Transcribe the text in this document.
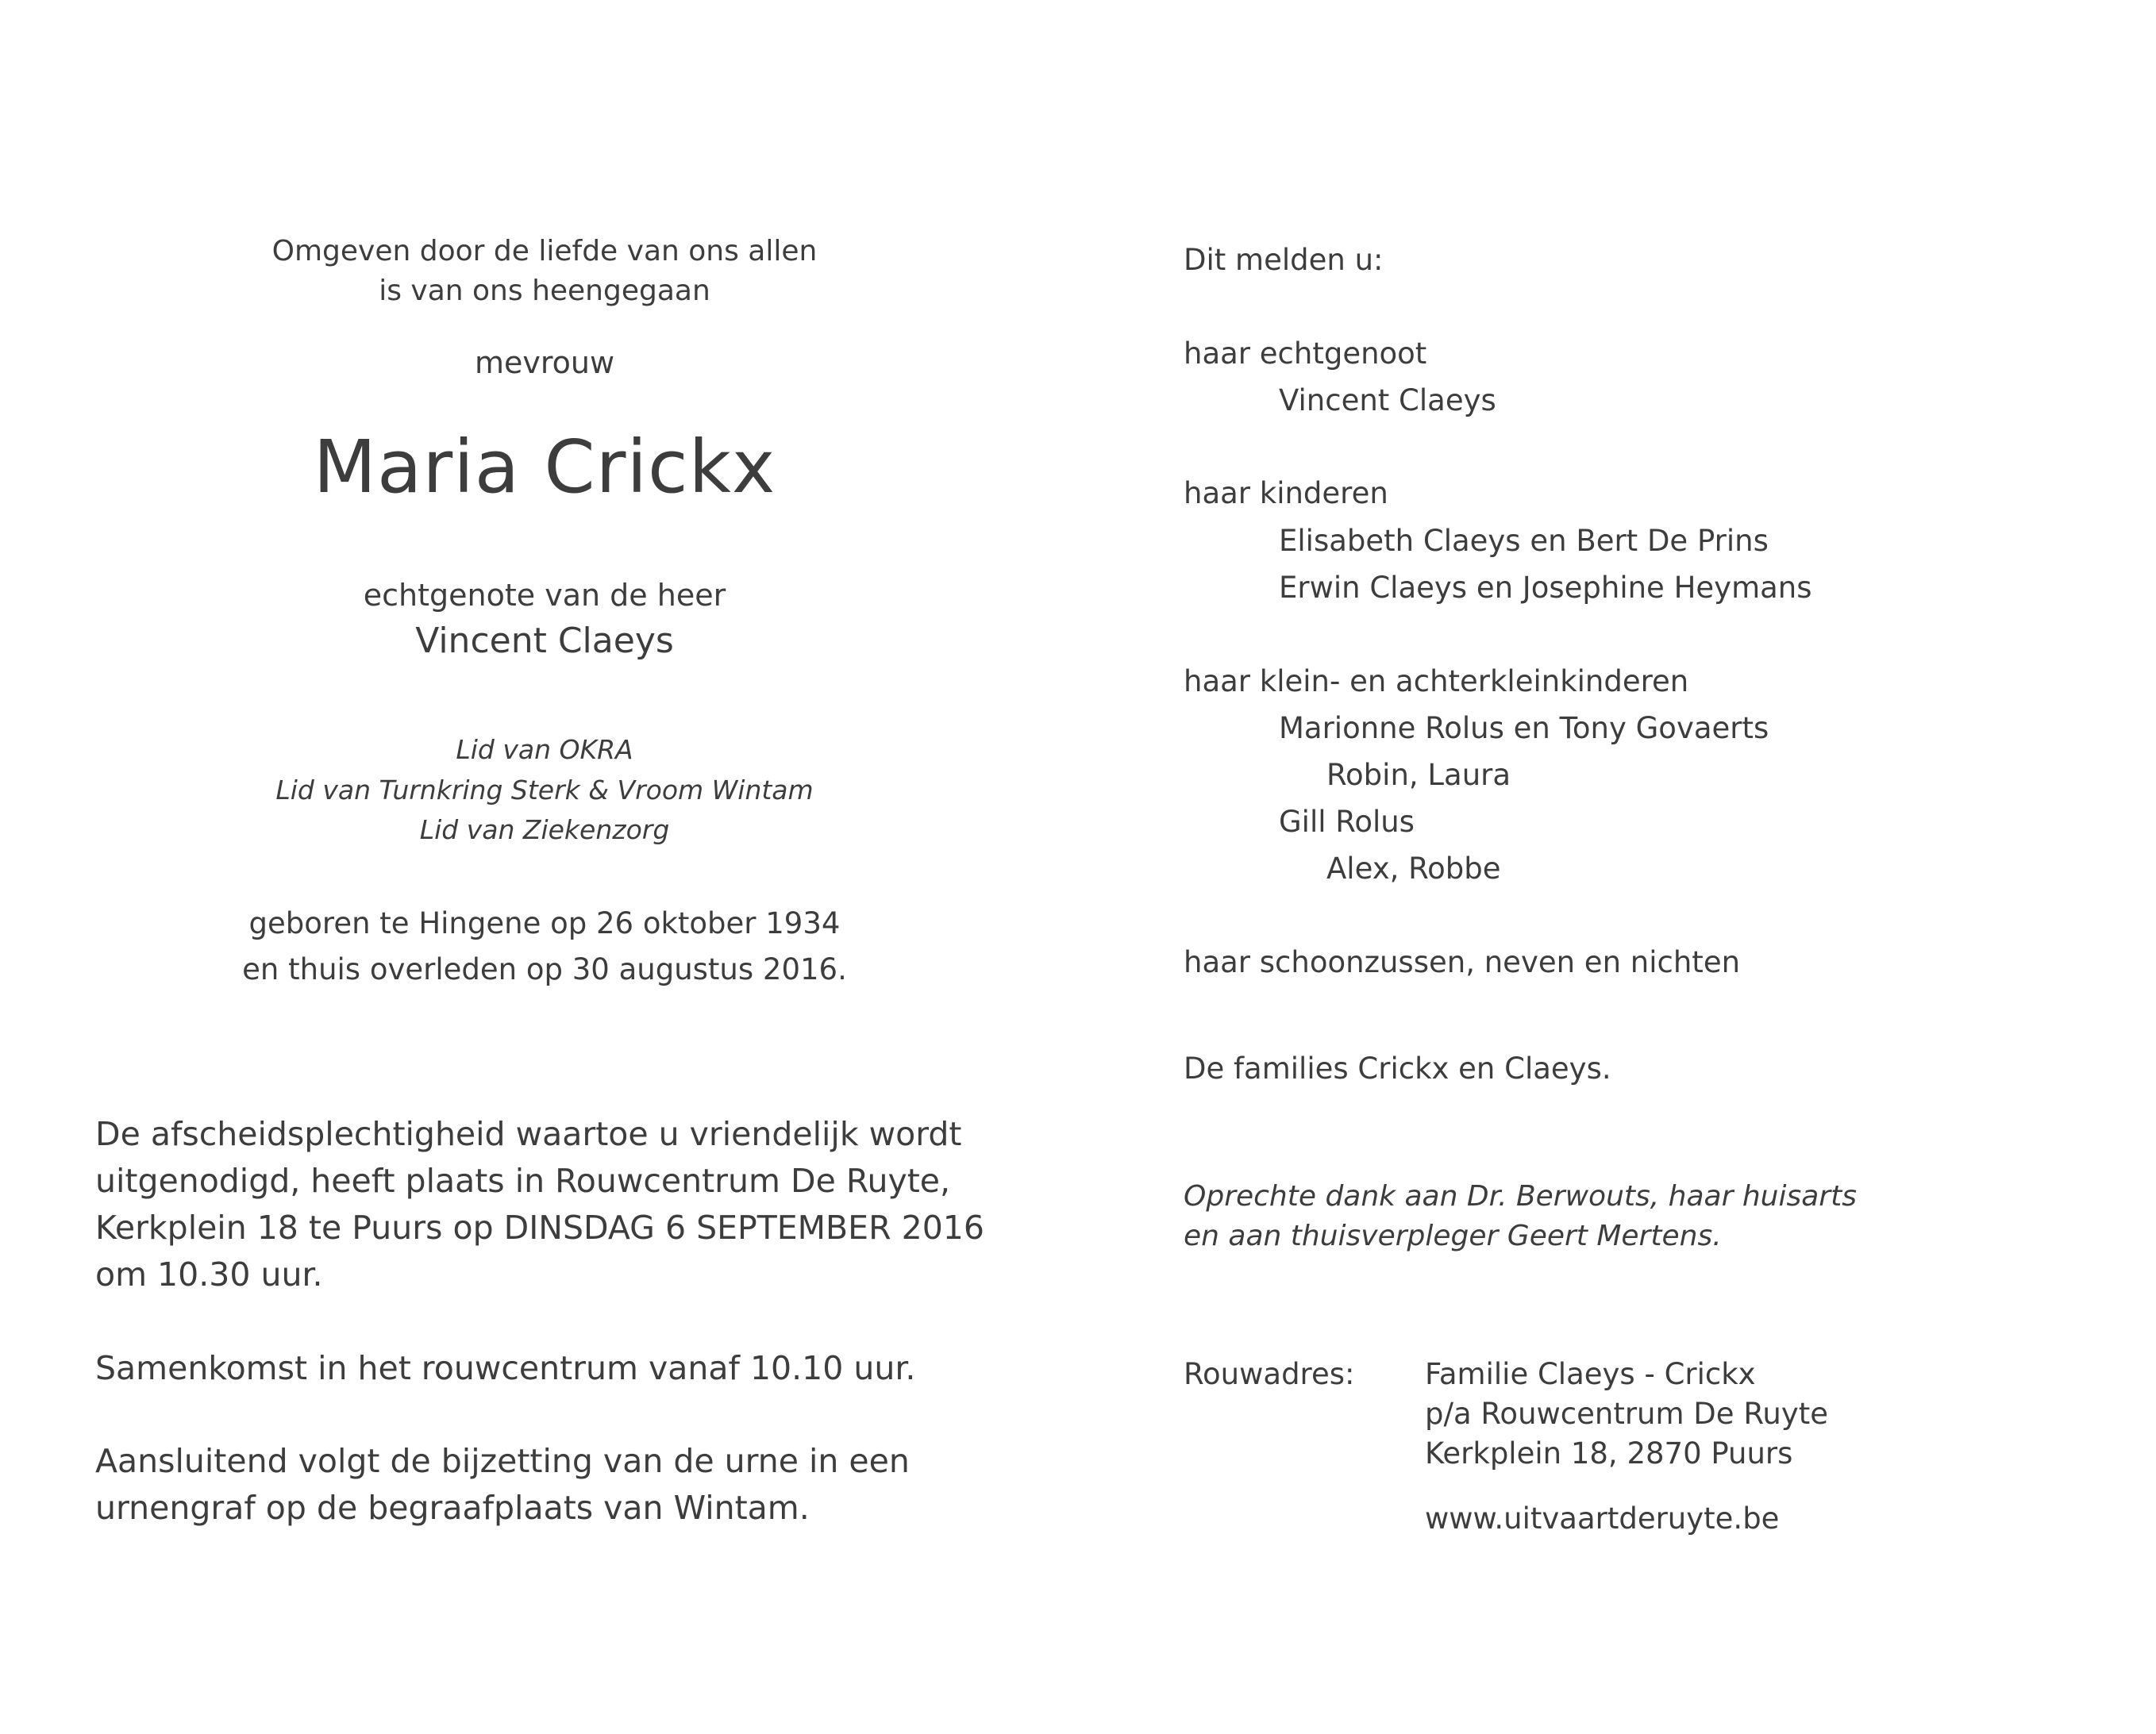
Omgeven door de liefde van ons allen
is van ons heengegaan
mevrouw
Maria Crickx
echtgenote van de heer
Vincent Claeys
Lid van OKRA
Lid van Turnkring Sterk & Vroom Wintam
Lid van Ziekenzorg
geboren te Hingene op 26 oktober 1934
en thuis overleden op 30 augustus 2016.
De afscheidsplechtigheid waartoe u vriendelijk wordt
uitgenodigd, heeft plaats in Rouwcentrum De Ruyte,
Kerkplein 18 te Puurs op DINSDAG 6 SEPTEMBER 2016
om 10.30 uur.
Samenkomst in het rouwcentrum vanaf 10.10 uur.
Aansluitend volgt de bijzetting van de urne in een
urnengraf op de begraafplaats van Wintam.
Dit melden u:
haar echtgenoot
Vincent Claeys
haar kinderen
Elisabeth Claeys en Bert De Prins
Erwin Claeys en Josephine Heymans
haar klein- en achterkleinkinderen
Marionne Rolus en Tony Govaerts
Robin, Laura
Gill Rolus
Alex, Robbe
haar schoonzussen, neven en nichten
De families Crickx en Claeys.
Oprechte dank aan Dr. Berwouts, haar huisarts
en aan thuisverpleger Geert Mertens.
Rouwadres: Familie Claeys - Crickx
p/a Rouwcentrum De Ruyte
Kerkplein 18, 2870 Puurs
www.uitvaartderuyte.be
